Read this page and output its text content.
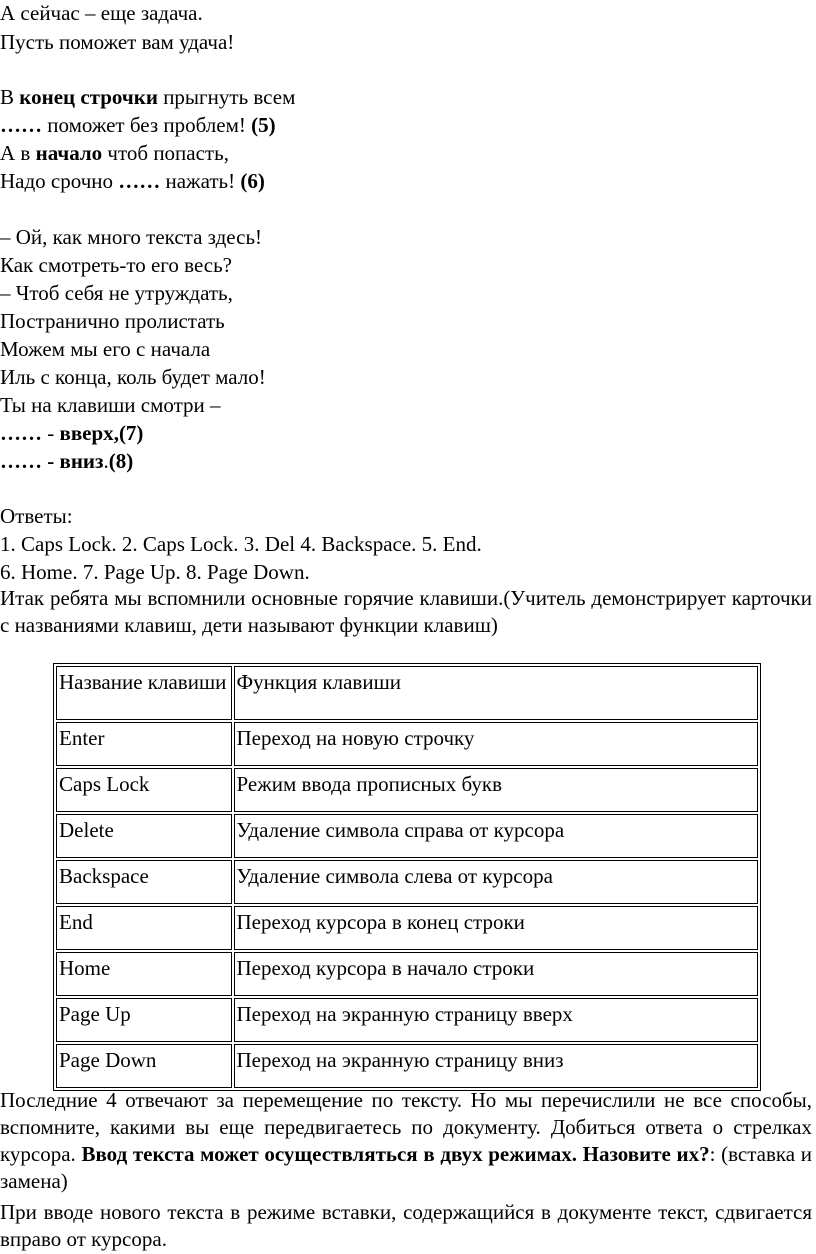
А сейчас – еще задача.
Пусть поможет вам удача!
В конец строчки прыгнуть всем
…… поможет без проблем! (5)
А в начало чтоб попасть,
Надо срочно …… нажать! (6)
– Ой, как много текста здесь!
Как смотреть-то его весь?
– Чтоб себя не утруждать,
Постранично пролистать
Можем мы его с начала
Иль с конца, коль будет мало!
Ты на клавиши смотри –
…… - вверх,(7)
…… - вниз.(8)
Ответы:
1. Caps Lock. 2. Caps Lock. 3. Del 4. Backspace. 5. End.
6. Home. 7. Page Up. 8. Page Down.
Итак ребята мы вспомнили основные горячие клавиши.(Учитель демонстрирует карточки с названиями клавиш, дети называют функции клавиш)
Название клавиши	Функция клавиши
Enter	Переход на новую строчку
Caps Lock	Режим ввода прописных букв
Delete	Удаление символа справа от курсора
Backspace	Удаление символа слева от курсора
End	Переход курсора в конец строки
Home	Переход курсора в начало строки
Page Up	Переход на экранную страницу вверх
Page Down	Переход на экранную страницу вниз
Последние 4 отвечают за перемещение по тексту. Но мы перечислили не все способы, вспомните, какими вы еще передвигаетесь по документу. Добиться ответа о стрелках курсора. Ввод текста может осуществляться в двух режимах. Назовите их?: (вставка и замена)
При вводе нового текста в режиме вставки, содержащийся в документе текст, сдвигается вправо от курсора.
